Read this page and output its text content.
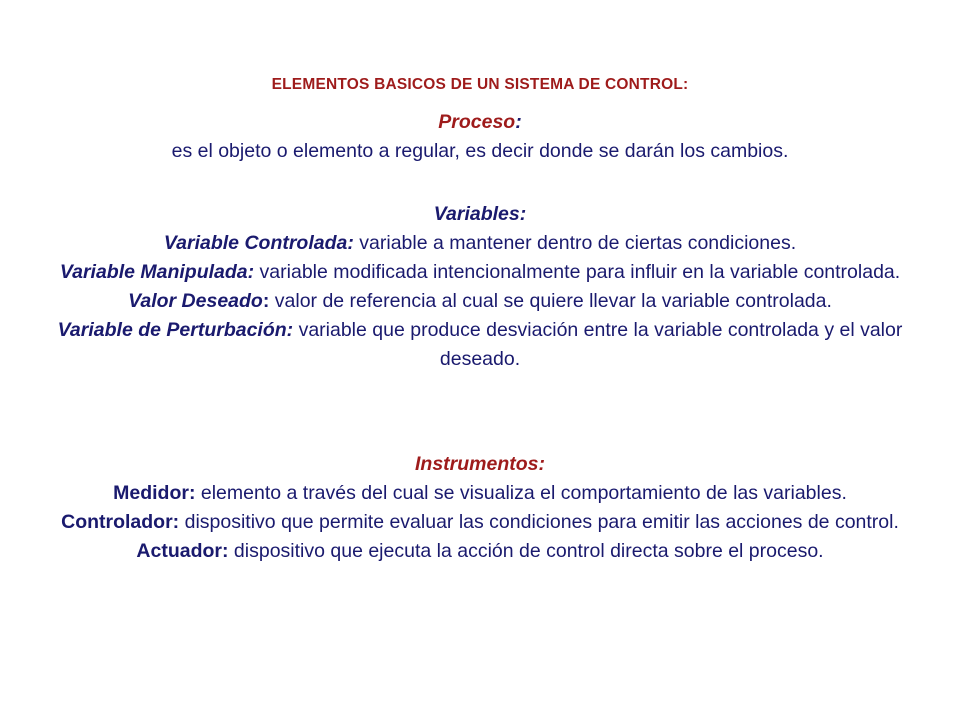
ELEMENTOS BASICOS DE UN SISTEMA DE CONTROL:
Proceso:
es el objeto o elemento a regular, es decir donde se darán los cambios.
Variables:
Variable Controlada: variable a mantener dentro de ciertas condiciones.
Variable Manipulada: variable modificada intencionalmente para influir en la variable controlada.
Valor Deseado: valor de referencia al cual se quiere llevar la variable controlada.
Variable de Perturbación: variable que produce desviación entre la variable controlada y el valor deseado.
Instrumentos:
Medidor: elemento a través del cual se visualiza el comportamiento de las variables.
Controlador: dispositivo que permite evaluar las condiciones para emitir las acciones de control.
Actuador: dispositivo que ejecuta la acción de control directa sobre el proceso.
